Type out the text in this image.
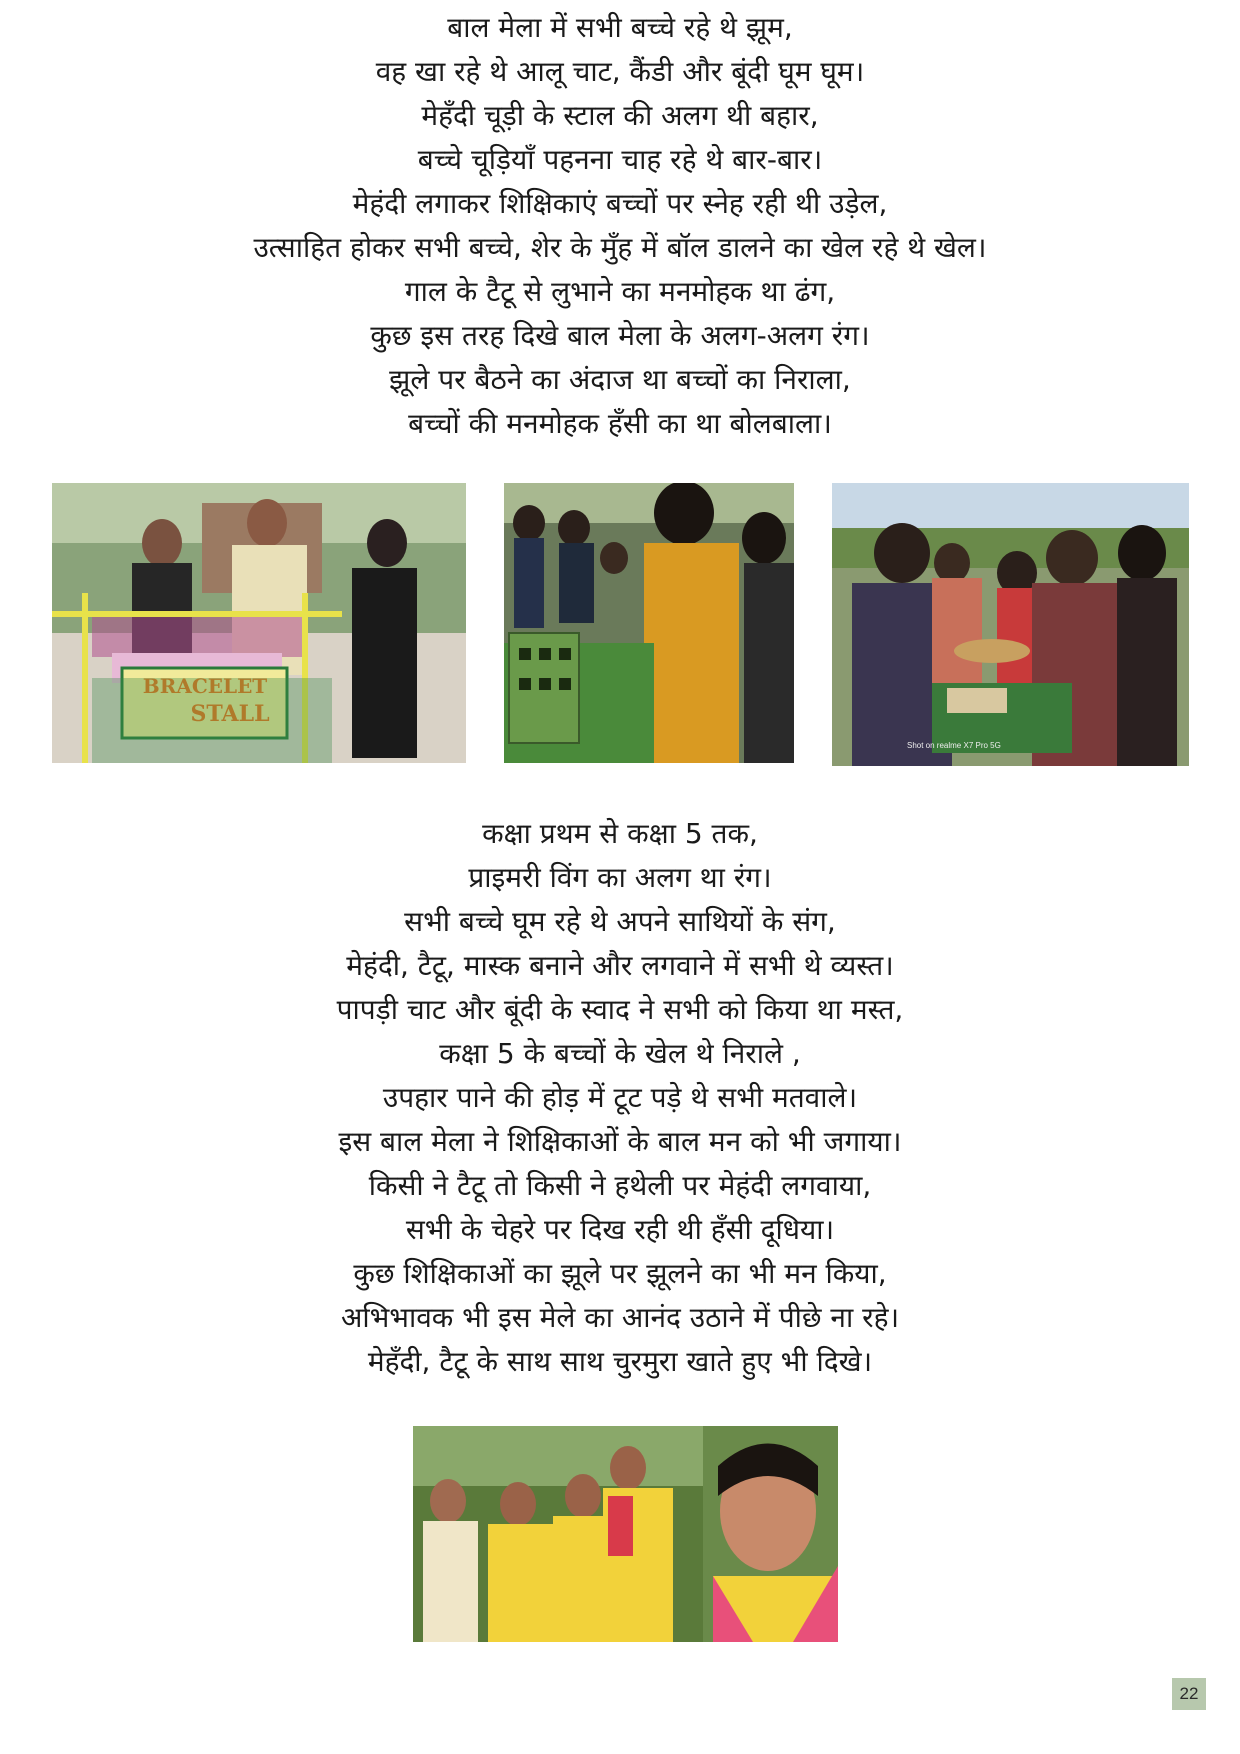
बाल मेला में सभी बच्चे रहे थे झूम,
वह खा रहे थे आलू चाट, कैंडी और बूंदी घूम घूम।
मेहँदी चूड़ी के स्टाल की अलग थी बहार,
बच्चे चूड़ियाँ पहनना चाह रहे थे बार-बार।
मेहंदी लगाकर शिक्षिकाएं बच्चों पर स्नेह रही थी उड़ेल,
उत्साहित होकर सभी बच्चे, शेर के मुँह में बॉल डालने का खेल रहे थे खेल।
गाल के टैटू से लुभाने का मनमोहक था ढंग,
कुछ इस तरह दिखे बाल मेला के अलग-अलग रंग।
झूले पर बैठने का अंदाज था बच्चों का निराला,
बच्चों की मनमोहक हँसी का था बोलबाला।
BRACELET
STALL
Shot on realme X7 Pro 5G
कक्षा प्रथम से कक्षा 5 तक,
प्राइमरी विंग का अलग था रंग।
सभी बच्चे घूम रहे थे अपने साथियों के संग,
मेहंदी, टैटू, मास्क बनाने और लगवाने में सभी थे व्यस्त।
पापड़ी चाट और बूंदी के स्वाद ने सभी को किया था मस्त,
कक्षा 5 के बच्चों के खेल थे निराले ,
उपहार पाने की होड़ में टूट पड़े थे सभी मतवाले।
इस बाल मेला ने शिक्षिकाओं के बाल मन को भी जगाया।
किसी ने टैटू तो किसी ने हथेली पर मेहंदी लगवाया,
सभी के चेहरे पर दिख रही थी हँसी दूधिया।
कुछ शिक्षिकाओं का झूले पर झूलने का भी मन किया,
अभिभावक भी इस मेले का आनंद उठाने में पीछे ना रहे।
मेहँदी, टैटू के साथ साथ चुरमुरा खाते हुए भी दिखे।
22
